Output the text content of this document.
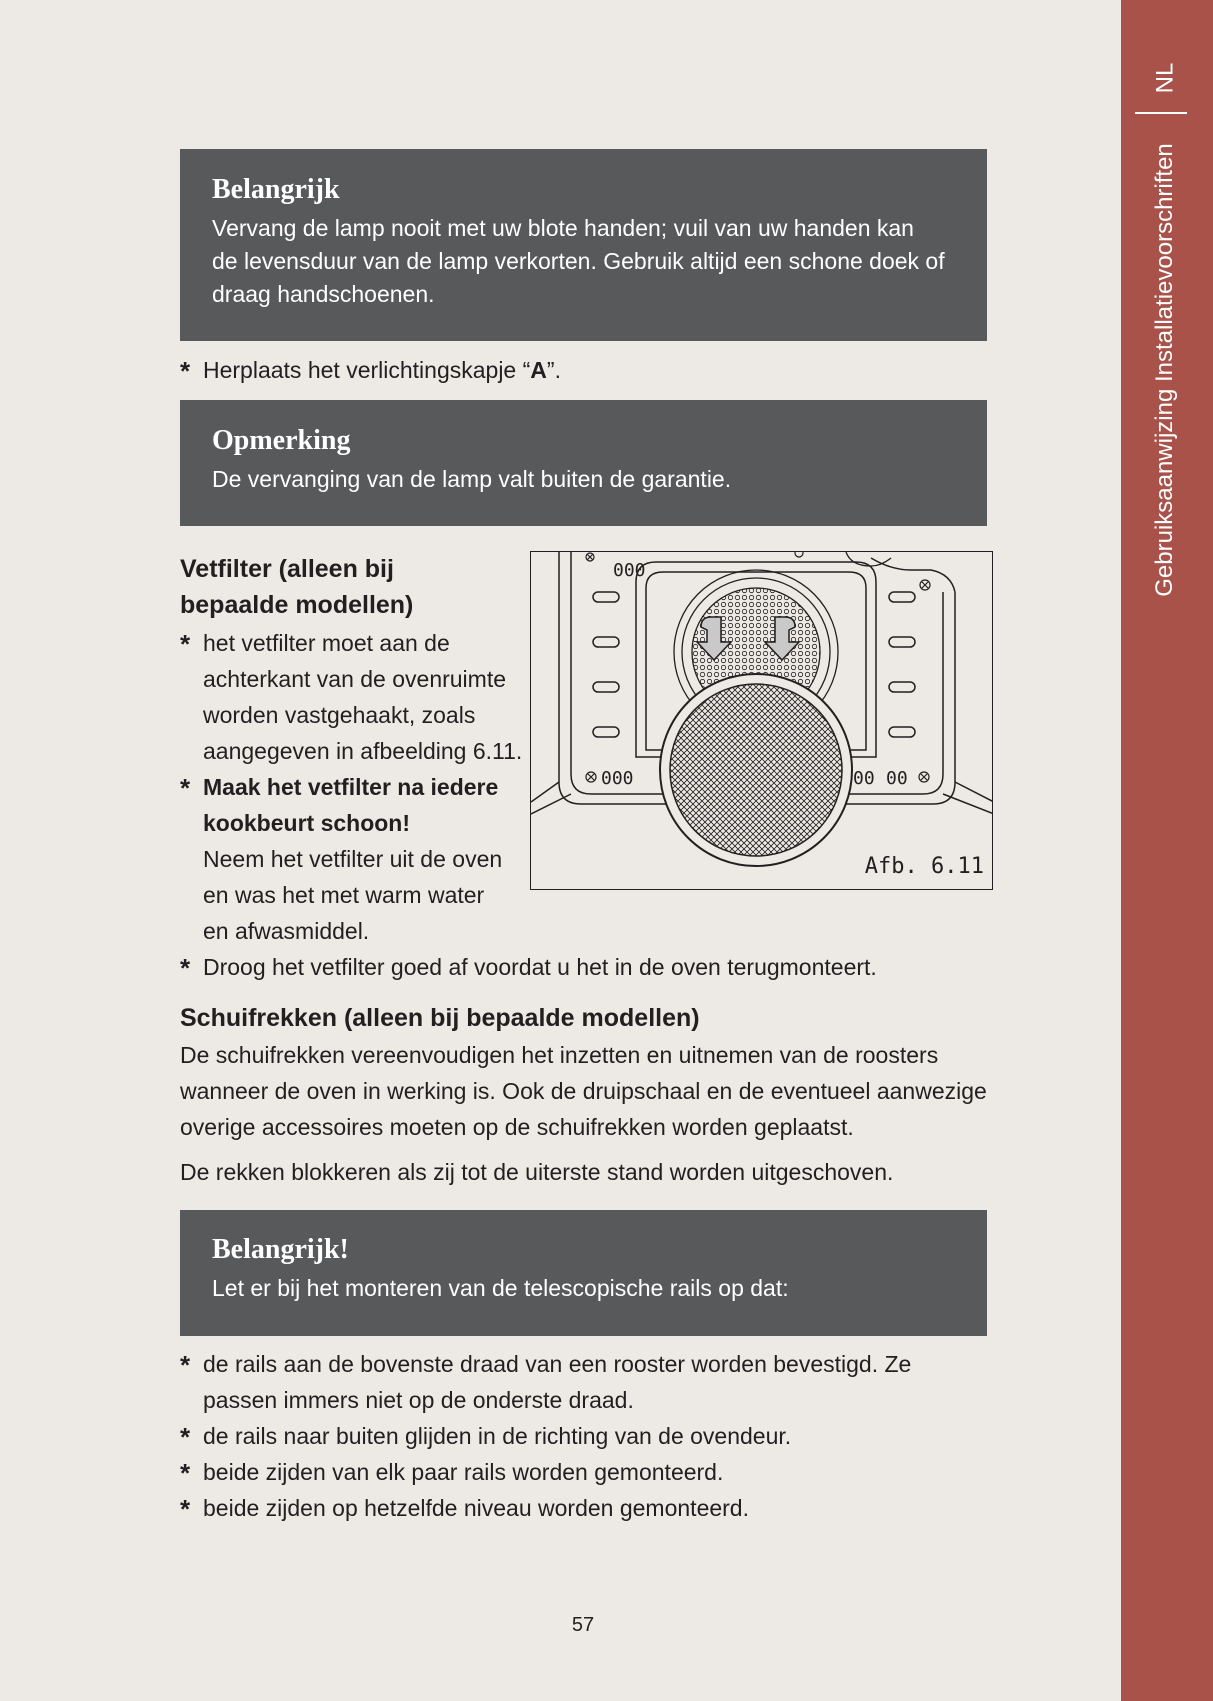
NL
Gebruiksaanwijzing Installatievoorschriften
Belangrijk

Vervang de lamp nooit met uw blote handen; vuil van uw handen kan

de levensduur van de lamp verkorten. Gebruik altijd een schone doek of

draag handschoenen.

* Herplaats het verlichtingskapje “A”.
Opmerking

De vervanging van de lamp valt buiten de garantie.

Vetfilter (alleen bij
bepaalde modellen)
* het vetfilter moet aan de
achterkant van de ovenruimte
worden vastgehaakt, zoals
aangegeven in afbeelding 6.11.
* Maak het vetfilter na iedere
kookbeurt schoon!
Neem het vetfilter uit de oven
en was het met warm water
en afwasmiddel.
* Droog het vetfilter goed af voordat u het in de oven terugmonteert.
000
000	00 00
Afb. 6.11
Schuifrekken (alleen bij bepaalde modellen)
De schuifrekken vereenvoudigen het inzetten en uitnemen van de roosters
wanneer de oven in werking is. Ook de druipschaal en de eventueel aanwezige
overige accessoires moeten op de schuifrekken worden geplaatst.
De rekken blokkeren als zij tot de uiterste stand worden uitgeschoven.
Belangrijk!

Let er bij het monteren van de telescopische rails op dat:

* de rails aan de bovenste draad van een rooster worden bevestigd. Ze
passen immers niet op de onderste draad.
* de rails naar buiten glijden in de richting van de ovendeur.
* beide zijden van elk paar rails worden gemonteerd.
* beide zijden op hetzelfde niveau worden gemonteerd.
57
